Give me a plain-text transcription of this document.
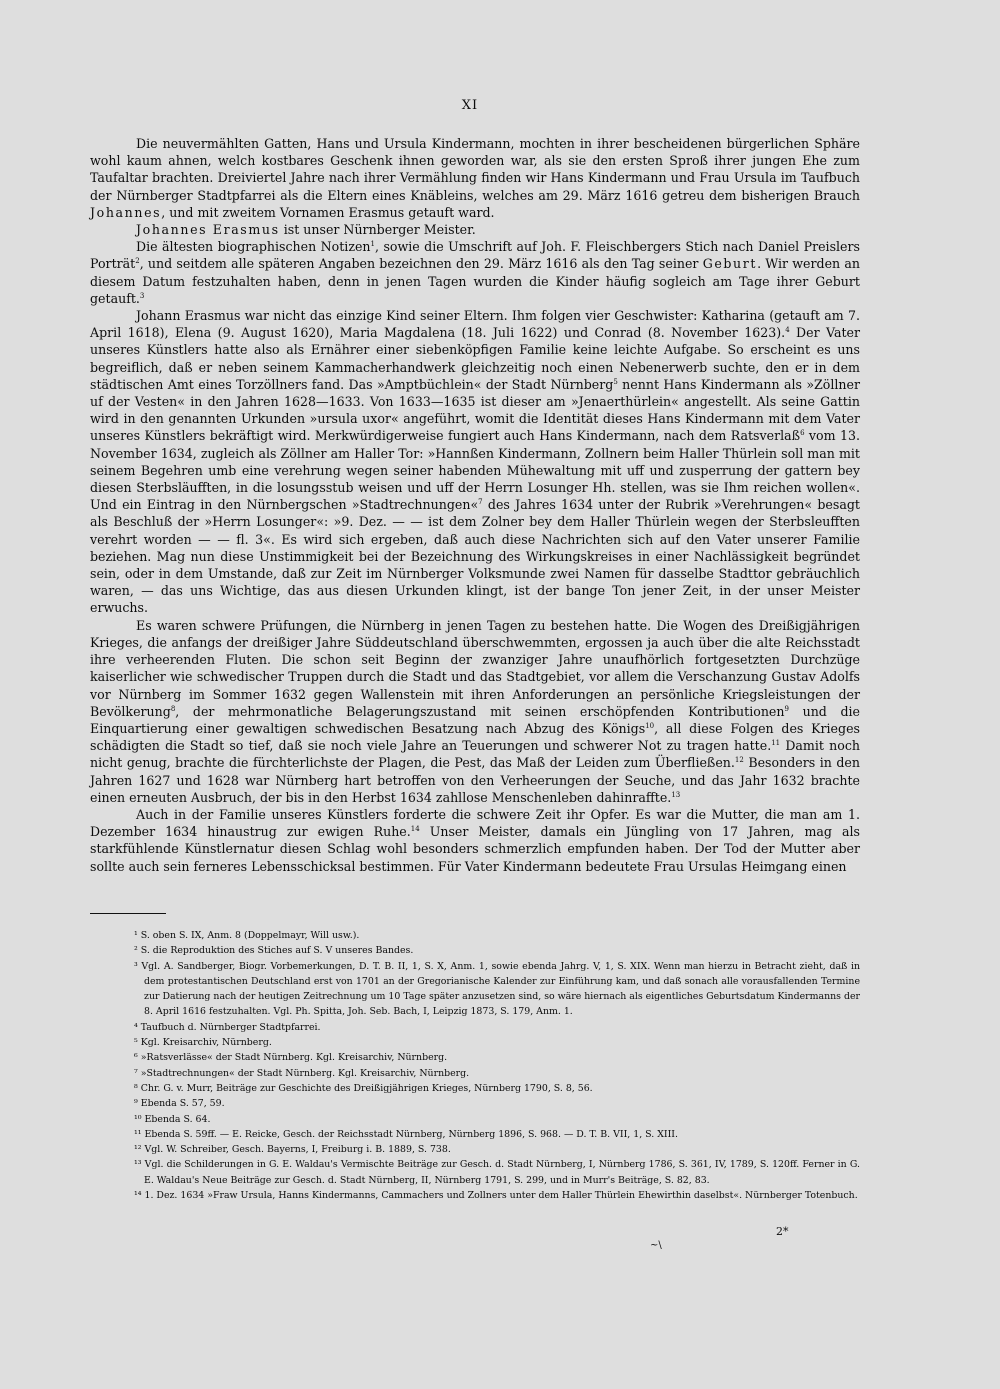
XI

Die neuvermählten Gatten, Hans und Ursula Kindermann, mochten in ihrer bescheidenen bürgerlichen Sphäre wohl kaum ahnen, welch kostbares Geschenk ihnen geworden war, als sie den ersten Sproß ihrer jungen Ehe zum Taufaltar brachten. Dreiviertel Jahre nach ihrer Vermählung finden wir Hans Kindermann und Frau Ursula im Taufbuch der Nürnberger Stadtpfarrei als die Eltern eines Knäbleins, welches am 29. März 1616 getreu dem bisherigen Brauch Johannes, und mit zweitem Vornamen Erasmus getauft ward.

Johannes Erasmus ist unser Nürnberger Meister.

Die ältesten biographischen Notizen$^1$, sowie die Umschrift auf Joh. F. Fleischbergers Stich nach Daniel Preislers Porträt$^2$, und seitdem alle späteren Angaben bezeichnen den 29. März 1616 als den Tag seiner Geburt. Wir werden an diesem Datum festzuhalten haben, denn in jenen Tagen wurden die Kinder häufig sogleich am Tage ihrer Geburt getauft.$^3$

Johann Erasmus war nicht das einzige Kind seiner Eltern. Ihm folgen vier Geschwister: Katharina (getauft am 7. April 1618), Elena (9. August 1620), Maria Magdalena (18. Juli 1622) und Conrad (8. November 1623).$^4$ Der Vater unseres Künstlers hatte also als Ernährer einer siebenköpfigen Familie keine leichte Aufgabe. So erscheint es uns begreiflich, daß er neben seinem Kammacherhandwerk gleichzeitig noch einen Nebenerwerb suchte, den er in dem städtischen Amt eines Torzöllners fand. Das »Amptbüchlein« der Stadt Nürnberg$^5$ nennt Hans Kindermann als »Zöllner uf der Vesten« in den Jahren 1628—1633. Von 1633—1635 ist dieser am »Jenaerthürlein« angestellt. Als seine Gattin wird in den genannten Urkunden »ursula uxor« angeführt, womit die Identität dieses Hans Kindermann mit dem Vater unseres Künstlers bekräftigt wird. Merkwürdigerweise fungiert auch Hans Kindermann, nach dem Ratsverlaß$^6$ vom 13. November 1634, zugleich als Zöllner am Haller Tor: »Hannßen Kindermann, Zollnern beim Haller Thürlein soll man mit seinem Begehren umb eine verehrung wegen seiner habenden Mühewaltung mit uff und zusperrung der gattern bey diesen Sterbsläufften, in die losungsstub weisen und uff der Herrn Losunger Hh. stellen, was sie Ihm reichen wollen«. Und ein Eintrag in den Nürnbergschen »Stadtrechnungen«$^7$ des Jahres 1634 unter der Rubrik »Verehrungen« besagt als Beschluß der »Herrn Losunger«: »9. Dez. — — ist dem Zolner bey dem Haller Thürlein wegen der Sterbsleufften verehrt worden — — fl. 3«. Es wird sich ergeben, daß auch diese Nachrichten sich auf den Vater unserer Familie beziehen. Mag nun diese Unstimmigkeit bei der Bezeichnung des Wirkungskreises in einer Nachlässigkeit begründet sein, oder in dem Umstande, daß zur Zeit im Nürnberger Volksmunde zwei Namen für dasselbe Stadttor gebräuchlich waren, — das uns Wichtige, das aus diesen Urkunden klingt, ist der bange Ton jener Zeit, in der unser Meister erwuchs.

Es waren schwere Prüfungen, die Nürnberg in jenen Tagen zu bestehen hatte. Die Wogen des Dreißigjährigen Krieges, die anfangs der dreißiger Jahre Süddeutschland überschwemmten, ergossen ja auch über die alte Reichsstadt ihre verheerenden Fluten. Die schon seit Beginn der zwanziger Jahre unaufhörlich fortgesetzten Durchzüge kaiserlicher wie schwedischer Truppen durch die Stadt und das Stadtgebiet, vor allem die Verschanzung Gustav Adolfs vor Nürnberg im Sommer 1632 gegen Wallenstein mit ihren Anforderungen an persönliche Kriegsleistungen der Bevölkerung$^8$, der mehrmonatliche Belagerungszustand mit seinen erschöpfenden Kontributionen$^9$ und die Einquartierung einer gewaltigen schwedischen Besatzung nach Abzug des Königs$^{10}$, all diese Folgen des Krieges schädigten die Stadt so tief, daß sie noch viele Jahre an Teuerungen und schwerer Not zu tragen hatte.$^{11}$ Damit noch nicht genug, brachte die fürchterlichste der Plagen, die Pest, das Maß der Leiden zum Überfließen.$^{12}$ Besonders in den Jahren 1627 und 1628 war Nürnberg hart betroffen von den Verheerungen der Seuche, und das Jahr 1632 brachte einen erneuten Ausbruch, der bis in den Herbst 1634 zahllose Menschenleben dahinraffte.$^{13}$

Auch in der Familie unseres Künstlers forderte die schwere Zeit ihr Opfer. Es war die Mutter, die man am 1. Dezember 1634 hinaustrug zur ewigen Ruhe.$^{14}$ Unser Meister, damals ein Jüngling von 17 Jahren, mag als starkfühlende Künstlernatur diesen Schlag wohl besonders schmerzlich empfunden haben. Der Tod der Mutter aber sollte auch sein ferneres Lebensschicksal bestimmen. Für Vater Kindermann bedeutete Frau Ursulas Heimgang einen

¹ S. oben S. IX, Anm. 8 (Doppelmayr, Will usw.).

² S. die Reproduktion des Stiches auf S. V unseres Bandes.

³ Vgl. A. Sandberger, Biogr. Vorbemerkungen, D. T. B. II, 1, S. X, Anm. 1, sowie ebenda Jahrg. V, 1, S. XIX. Wenn man hierzu in Betracht zieht, daß in dem protestantischen Deutschland erst von 1701 an der Gregorianische Kalender zur Einführung kam, und daß sonach alle vorausfallenden Termine zur Datierung nach der heutigen Zeitrechnung um 10 Tage später anzusetzen sind, so wäre hiernach als eigentliches Geburtsdatum Kindermanns der 8. April 1616 festzuhalten. Vgl. Ph. Spitta, Joh. Seb. Bach, I, Leipzig 1873, S. 179, Anm. 1.

⁴ Taufbuch d. Nürnberger Stadtpfarrei.

⁵ Kgl. Kreisarchiv, Nürnberg.

⁶ »Ratsverlässe« der Stadt Nürnberg. Kgl. Kreisarchiv, Nürnberg.

⁷ »Stadtrechnungen« der Stadt Nürnberg. Kgl. Kreisarchiv, Nürnberg.

⁸ Chr. G. v. Murr, Beiträge zur Geschichte des Dreißigjährigen Krieges, Nürnberg 1790, S. 8, 56.

⁹ Ebenda S. 57, 59.

¹⁰ Ebenda S. 64.

¹¹ Ebenda S. 59ff. — E. Reicke, Gesch. der Reichsstadt Nürnberg, Nürnberg 1896, S. 968. — D. T. B. VII, 1, S. XIII.

¹² Vgl. W. Schreiber, Gesch. Bayerns, I, Freiburg i. B. 1889, S. 738.

¹³ Vgl. die Schilderungen in G. E. Waldau's Vermischte Beiträge zur Gesch. d. Stadt Nürnberg, I, Nürnberg 1786, S. 361, IV, 1789, S. 120ff. Ferner in G. E. Waldau's Neue Beiträge zur Gesch. d. Stadt Nürnberg, II, Nürnberg 1791, S. 299, und in Murr's Beiträge, S. 82, 83.

¹⁴ 1. Dez. 1634 »Fraw Ursula, Hanns Kindermanns, Cammachers und Zollners unter dem Haller Thürlein Ehewirthin daselbst«. Nürnberger Totenbuch.

2*
~\
